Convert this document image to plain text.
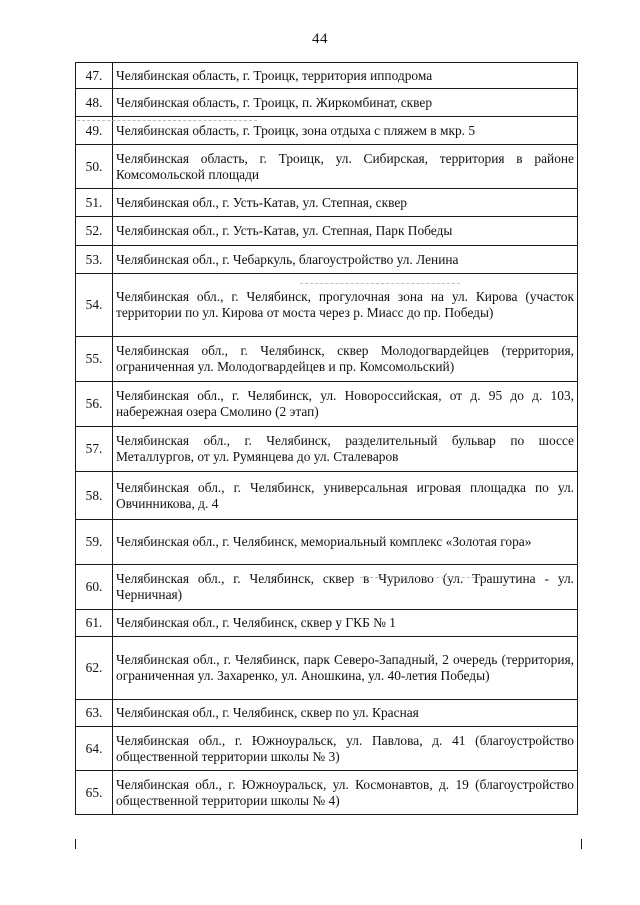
44
47.	Челябинская область, г. Троицк, территория ипподрома
48.	Челябинская область, г. Троицк, п. Жиркомбинат, сквер
49.	Челябинская область, г. Троицк, зона отдыха с пляжем в мкр. 5
50.	Челябинская область, г. Троицк, ул. Сибирская, территория в районе Комсомольской площади
51.	Челябинская обл., г. Усть-Катав, ул. Степная, сквер
52.	Челябинская обл., г. Усть-Катав, ул. Степная, Парк Победы
53.	Челябинская обл., г. Чебаркуль, благоустройство ул. Ленина
54.	Челябинская обл., г. Челябинск, прогулочная зона на ул. Кирова (участок территории по ул. Кирова от моста через р. Миасс до пр. Победы)
55.	Челябинская обл., г. Челябинск, сквер Молодогвардейцев (территория, ограниченная ул. Молодогвардейцев и пр. Комсомольский)
56.	Челябинская обл., г. Челябинск, ул. Новороссийская, от д. 95 до д. 103, набережная озера Смолино (2 этап)
57.	Челябинская обл., г. Челябинск, разделительный бульвар по шоссе Металлургов, от ул. Румянцева до ул. Сталеваров
58.	Челябинская обл., г. Челябинск, универсальная игровая площадка по ул. Овчинникова, д. 4
59.	Челябинская обл., г. Челябинск, мемориальный комплекс «Золотая гора»
60.	Челябинская обл., г. Челябинск, сквер в Чурилово (ул. Трашутина - ул. Черничная)
61.	Челябинская обл., г. Челябинск, сквер у ГКБ № 1
62.	Челябинская обл., г. Челябинск, парк Северо-Западный, 2 очередь (территория, ограниченная ул. Захаренко, ул. Аношкина, ул. 40-летия Победы)
63.	Челябинская обл., г. Челябинск, сквер по ул. Красная
64.	Челябинская обл., г. Южноуральск, ул. Павлова, д. 41 (благоустройство общественной территории школы № 3)
65.	Челябинская обл., г. Южноуральск, ул. Космонавтов, д. 19 (благоустройство общественной территории школы № 4)
